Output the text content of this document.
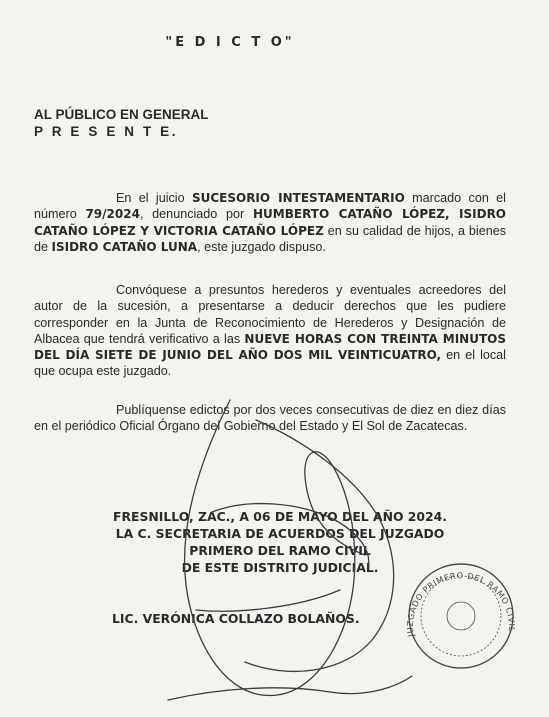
"E D I C T O"
AL PÚBLICO EN GENERAL
P R E S E N T E.
En el juicio SUCESORIO INTESTAMENTARIO marcado con el número 79/2024, denunciado por HUMBERTO CATAÑO LÓPEZ, ISIDRO CATAÑO LÓPEZ Y VICTORIA CATAÑO LÓPEZ en su calidad de hijos, a bienes de ISIDRO CATAÑO LUNA, este juzgado dispuso.
Convóquese a presuntos herederos y eventuales acreedores del autor de la sucesión, a presentarse a deducir derechos que les pudiere corresponder en la Junta de Reconocimiento de Herederos y Designación de Albacea que tendrá verificativo a las NUEVE HORAS CON TREINTA MINUTOS DEL DÍA SIETE DE JUNIO DEL AÑO DOS MIL VEINTICUATRO, en el local que ocupa este juzgado.
Publíquense edictos por dos veces consecutivas de diez en diez días en el periódico Oficial Órgano del Gobierno del Estado y El Sol de Zacatecas.
FRESNILLO, ZAC., A 06 DE MAYO DEL AÑO 2024.
LA C. SECRETARIA DE ACUERDOS DEL JUZGADO
PRIMERO DEL RAMO CIVIL
DE ESTE DISTRITO JUDICIAL.
LIC. VERÓNICA COLLAZO BOLAÑOS.
JUZGADO PRIMERO DEL RAMO CIVIL
